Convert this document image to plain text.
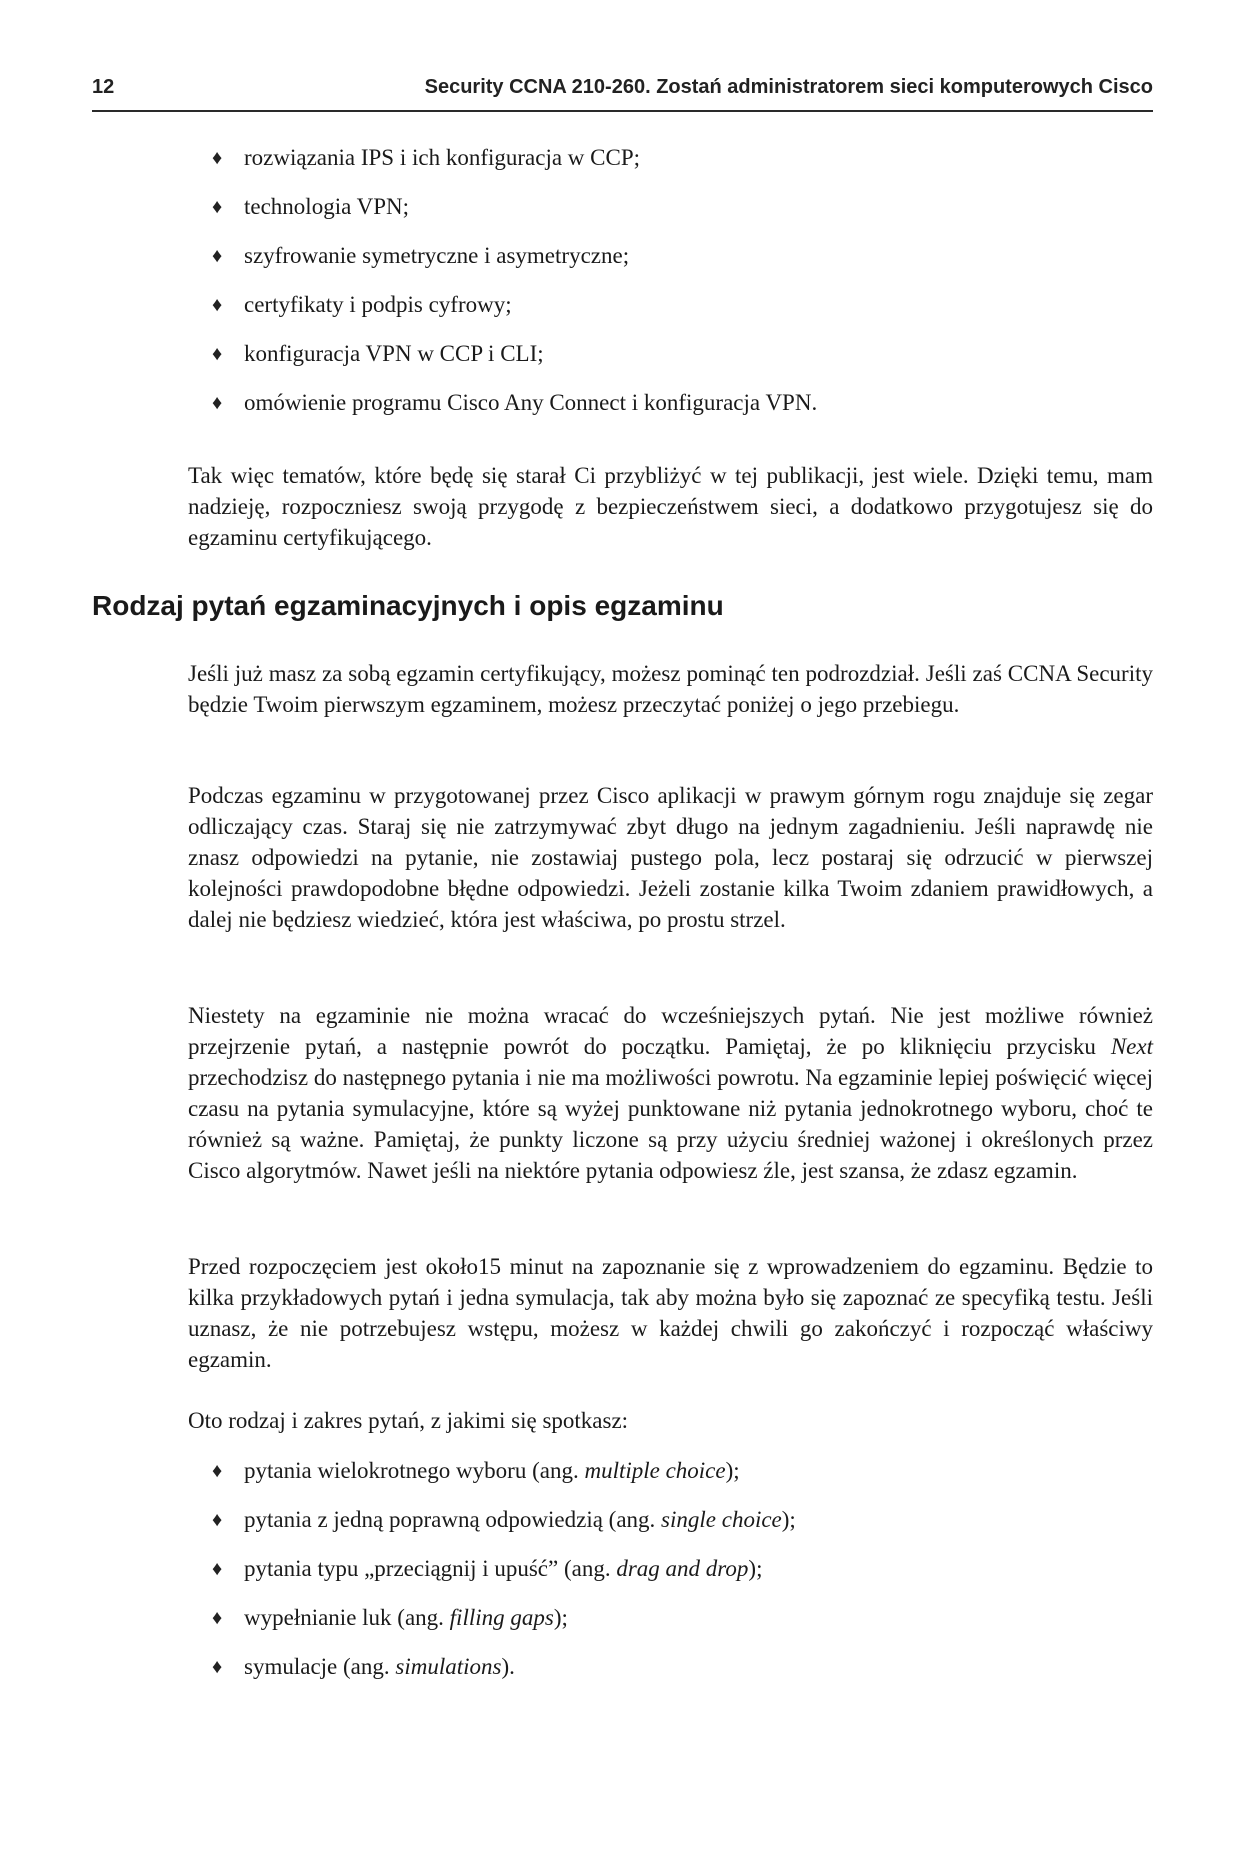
12	Security CCNA 210-260. Zostań administratorem sieci komputerowych Cisco
♦ rozwiązania IPS i ich konfiguracja w CCP;
♦ technologia VPN;
♦ szyfrowanie symetryczne i asymetryczne;
♦ certyfikaty i podpis cyfrowy;
♦ konfiguracja VPN w CCP i CLI;
♦ omówienie programu Cisco Any Connect i konfiguracja VPN.

Tak więc tematów, które będę się starał Ci przybliżyć w tej publikacji, jest wiele. Dzięki temu, mam nadzieję, rozpoczniesz swoją przygodę z bezpieczeństwem sieci, a dodatkowo przygotujesz się do egzaminu certyfikującego.

Rodzaj pytań egzaminacyjnych i opis egzaminu

Jeśli już masz za sobą egzamin certyfikujący, możesz pominąć ten podrozdział. Jeśli zaś CCNA Security będzie Twoim pierwszym egzaminem, możesz przeczytać poniżej o jego przebiegu.

Podczas egzaminu w przygotowanej przez Cisco aplikacji w prawym górnym rogu znajduje się zegar odliczający czas. Staraj się nie zatrzymywać zbyt długo na jednym zagadnieniu. Jeśli naprawdę nie znasz odpowiedzi na pytanie, nie zostawiaj pustego pola, lecz postaraj się odrzucić w pierwszej kolejności prawdopodobne błędne odpowiedzi. Jeżeli zostanie kilka Twoim zdaniem prawidłowych, a dalej nie będziesz wiedzieć, która jest właściwa, po prostu strzel.

Niestety na egzaminie nie można wracać do wcześniejszych pytań. Nie jest możliwe również przejrzenie pytań, a następnie powrót do początku. Pamiętaj, że po kliknięciu przycisku Next przechodzisz do następnego pytania i nie ma możliwości powrotu. Na egzaminie lepiej poświęcić więcej czasu na pytania symulacyjne, które są wyżej punktowane niż pytania jednokrotnego wyboru, choć te również są ważne. Pamiętaj, że punkty liczone są przy użyciu średniej ważonej i określonych przez Cisco algorytmów. Nawet jeśli na niektóre pytania odpowiesz źle, jest szansa, że zdasz egzamin.

Przed rozpoczęciem jest około15 minut na zapoznanie się z wprowadzeniem do egzaminu. Będzie to kilka przykładowych pytań i jedna symulacja, tak aby można było się zapoznać ze specyfiką testu. Jeśli uznasz, że nie potrzebujesz wstępu, możesz w każdej chwili go zakończyć i rozpocząć właściwy egzamin.

Oto rodzaj i zakres pytań, z jakimi się spotkasz:

♦ pytania wielokrotnego wyboru (ang. multiple choice);
♦ pytania z jedną poprawną odpowiedzią (ang. single choice);
♦ pytania typu „przeciągnij i upuść” (ang. drag and drop);
♦ wypełnianie luk (ang. filling gaps);
♦ symulacje (ang. simulations).
